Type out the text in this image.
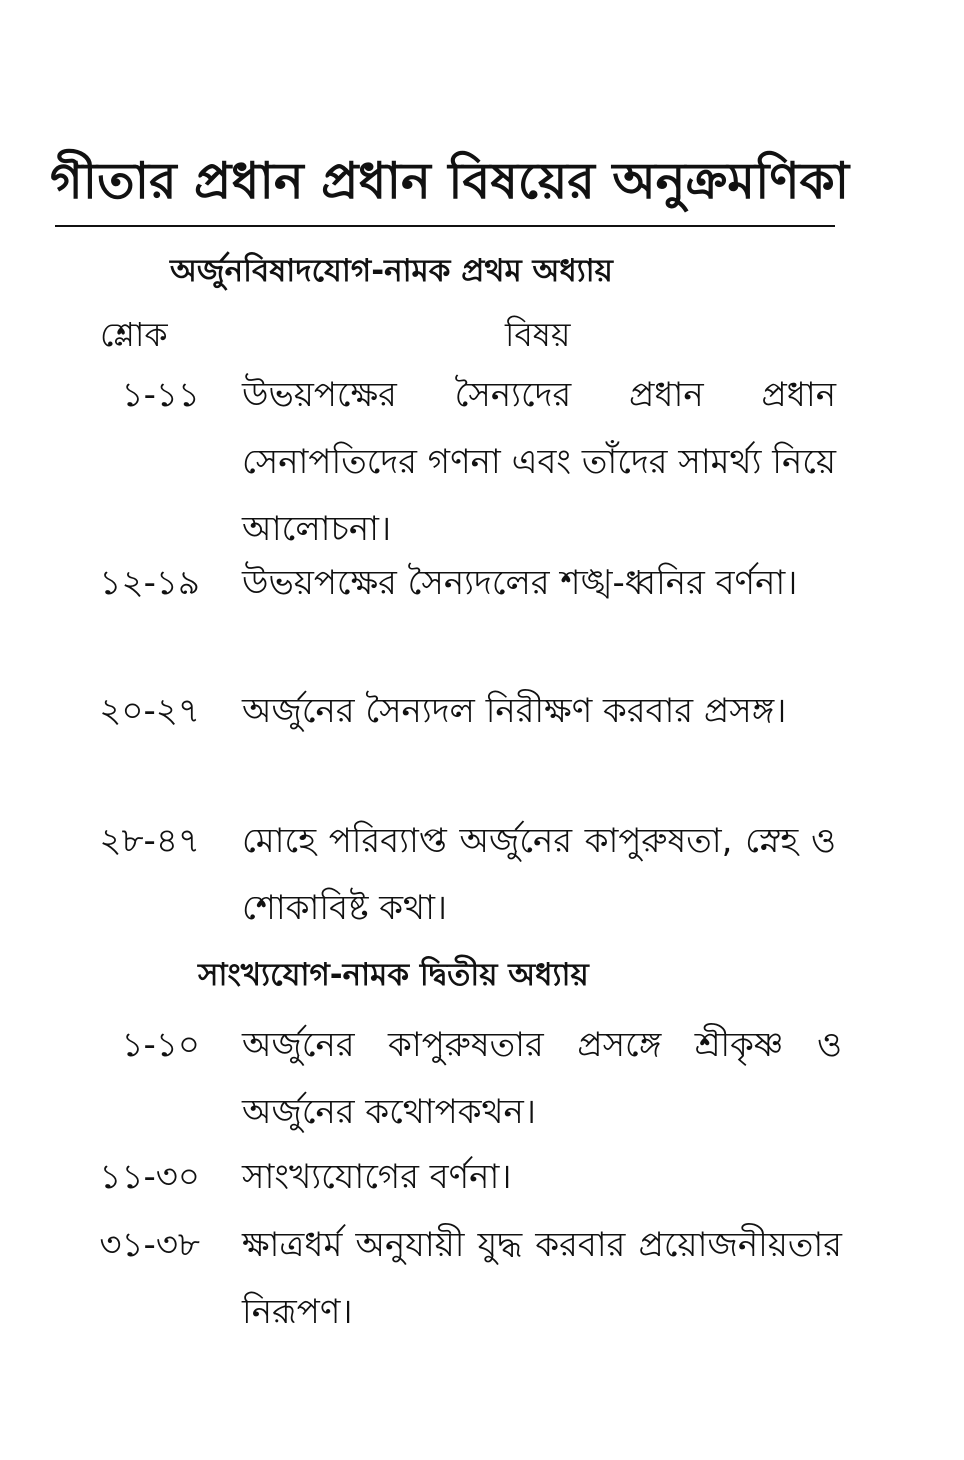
গীতার প্রধান প্রধান বিষয়ের অনুক্রমণিকা
অর্জুনবিষাদযোগ-নামক প্রথম অধ্যায়
শ্লোক	বিষয়
১-১১ উভয়পক্ষের সৈন্যদের প্রধান প্রধান সেনাপতিদের গণনা এবং তাঁদের সামর্থ্য নিয়ে আলোচনা।
১২-১৯ উভয়পক্ষের সৈন্যদলের শঙ্খ-ধ্বনির বর্ণনা।
২০-২৭ অর্জুনের সৈন্যদল নিরীক্ষণ করবার প্রসঙ্গ।
২৮-৪৭ মোহে পরিব্যাপ্ত অর্জুনের কাপুরুষতা, স্নেহ ও শোকাবিষ্ট কথা।
সাংখ্যযোগ-নামক দ্বিতীয় অধ্যায়
১-১০ অর্জুনের কাপুরুষতার প্রসঙ্গে শ্রীকৃষ্ণ ও অর্জুনের কথোপকথন।
১১-৩০ সাংখ্যযোগের বর্ণনা।
৩১-৩৮ ক্ষাত্রধর্ম অনুযায়ী যুদ্ধ করবার প্রয়োজনীয়তার নিরূপণ।
